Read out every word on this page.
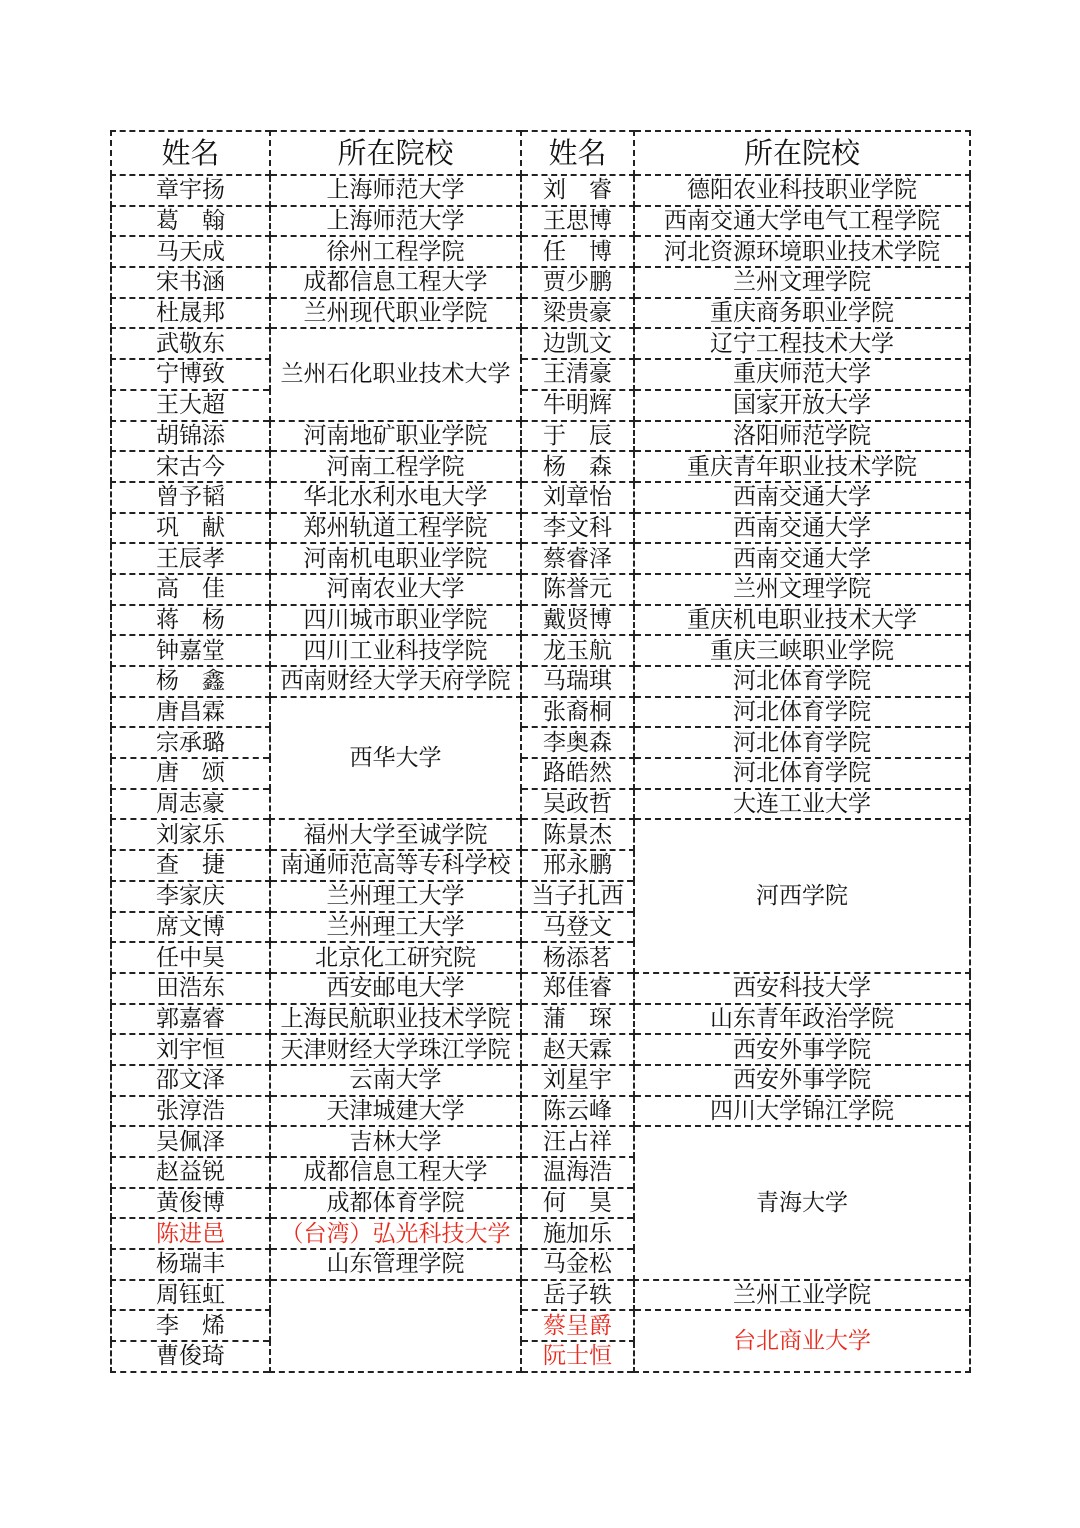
姓名	所在院校	姓名	所在院校
章宇扬	上海师范大学	刘　睿	德阳农业科技职业学院
葛　翰	上海师范大学	王思博	西南交通大学电气工程学院
马天成	徐州工程学院	任　博	河北资源环境职业技术学院
宋书涵	成都信息工程大学	贾少鹏	兰州文理学院
杜晟邦	兰州现代职业学院	梁贵豪	重庆商务职业学院
武敬东	兰州石化职业技术大学	边凯文	辽宁工程技术大学
宁博致		王清豪	重庆师范大学
王大超		牛明辉	国家开放大学
胡锦添	河南地矿职业学院	于　辰	洛阳师范学院
宋古今	河南工程学院	杨　森	重庆青年职业技术学院
曾予韬	华北水利水电大学	刘章怡	西南交通大学
巩　献	郑州轨道工程学院	李文科	西南交通大学
王辰孝	河南机电职业学院	蔡睿泽	西南交通大学
高　佳	河南农业大学	陈誉元	兰州文理学院
蒋　杨	四川城市职业学院	戴贤博	重庆机电职业技术大学
钟嘉堂	四川工业科技学院	龙玉航	重庆三峡职业学院
杨　鑫	西南财经大学天府学院	马瑞琪	河北体育学院
唐昌霖	西华大学	张裔桐	河北体育学院
宗承璐		李奥森	河北体育学院
唐　颂		路皓然	河北体育学院
周志豪		吴政哲	大连工业大学
刘家乐	福州大学至诚学院	陈景杰	河西学院
查　捷	南通师范高等专科学校	邢永鹏	
李家庆	兰州理工大学	当子扎西	
席文博	兰州理工大学	马登文	
任中昊	北京化工研究院	杨添茗	
田浩东	西安邮电大学	郑佳睿	西安科技大学
郭嘉睿	上海民航职业技术学院	蒲　琛	山东青年政治学院
刘宇恒	天津财经大学珠江学院	赵天霖	西安外事学院
邵文泽	云南大学	刘星宇	西安外事学院
张淳浩	天津城建大学	陈云峰	四川大学锦江学院
吴佩泽	吉林大学	汪占祥	青海大学
赵益锐	成都信息工程大学	温海浩	
黄俊博	成都体育学院	何　昊	
陈进邑	（台湾）弘光科技大学	施加乐	
杨瑞丰	山东管理学院	马金松	
周钰虹		岳子轶	兰州工业学院
李　烯		蔡呈爵	台北商业大学
曹俊琦		阮士恒	
